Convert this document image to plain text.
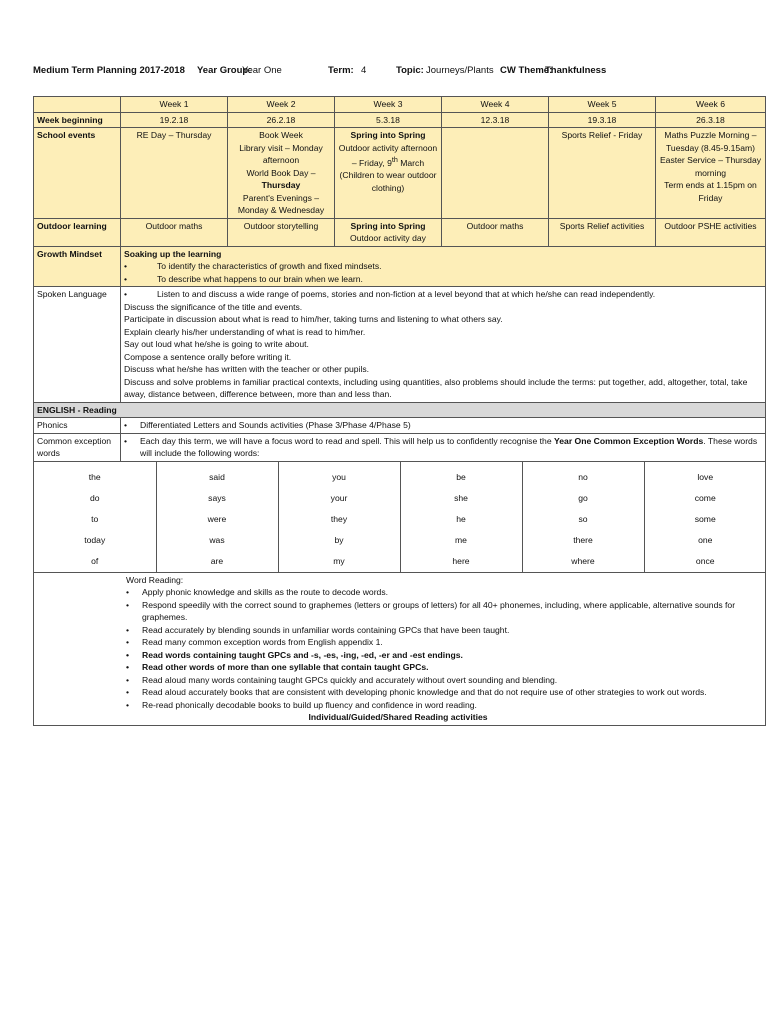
Medium Term Planning 2017-2018 Year Group:
Year One	Term: 4	Topic: Journeys/Plants CW Theme:
Thankfulness
	Week 1	Week 2	Week 3	Week 4	Week 5	Week 6
Week beginning	19.2.18	26.2.18	5.3.18	12.3.18	19.3.18	26.3.18
School events	RE Day – Thursday	Book Week
Library visit – Monday
afternoon
World Book Day –
Thursday
Parent's Evenings –
Monday & Wednesday
	Spring into Spring Outdoor activity afternoon – Friday, 9th March (Children to wear outdoor clothing)		Sports Relief - Friday	Maths Puzzle Morning –
Tuesday (8.45-9.15am)
Easter Service – Thursday
morning
Term ends at 1.15pm on
Friday

Outdoor learning	Outdoor maths	Outdoor storytelling	Spring into Spring Outdoor activity day	Outdoor maths	Sports Relief activities	Outdoor PSHE activities
Growth Mindset	Soaking up the learning
•	To identify the characteristics of growth and fixed mindsets.
•	To describe what happens to our brain when we learn.

Spoken Language	•	Listen to and discuss a wide range of poems, stories and non-fiction at a level beyond that at which he/she can read independently.
Discuss the significance of the title and events.
Participate in discussion about what is read to him/her, taking turns and listening to what others say.
Explain clearly his/her understanding of what is read to him/her.
Say out loud what he/she is going to write about.
Compose a sentence orally before writing it.
Discuss what he/she has written with the teacher or other pupils.
Discuss and solve problems in familiar practical contexts, including using quantities, also problems should include the terms: put together, add, altogether, total, take away, distance between, difference between, more than and less than.

ENGLISH - Reading
Phonics	•	Differentiated Letters and Sounds activities (Phase 3/Phase 4/Phase 5)

Common exception words	
•	Each day this term, we will have a focus word to read and spell. This will help us to confidently recognise the Year One Common Exception Words. These words will include the following words:

the	said	you	be	no	love
do	says	your	she	go	come
to	were	they	he	so	some
today	was	by	me	there	one
of	are	my	here	where	once

Word Reading:
•	Apply phonic knowledge and skills as the route to decode words.
•	Respond speedily with the correct sound to graphemes (letters or groups of letters) for all 40+ phonemes, including, where applicable, alternative sounds for graphemes.
•	Read accurately by blending sounds in unfamiliar words containing GPCs that have been taught.
•	Read many common exception words from English appendix 1.
•	Read words containing taught GPCs and -s, -es, -ing, -ed, -er and -est endings.
•	Read other words of more than one syllable that contain taught GPCs.
•	Read aloud many words containing taught GPCs quickly and accurately without overt sounding and blending.
•	Read aloud accurately books that are consistent with developing phonic knowledge and that do not require use of other strategies to work out words.
•	Re-read phonically decodable books to build up fluency and confidence in word reading.
Individual/Guided/Shared Reading activities
